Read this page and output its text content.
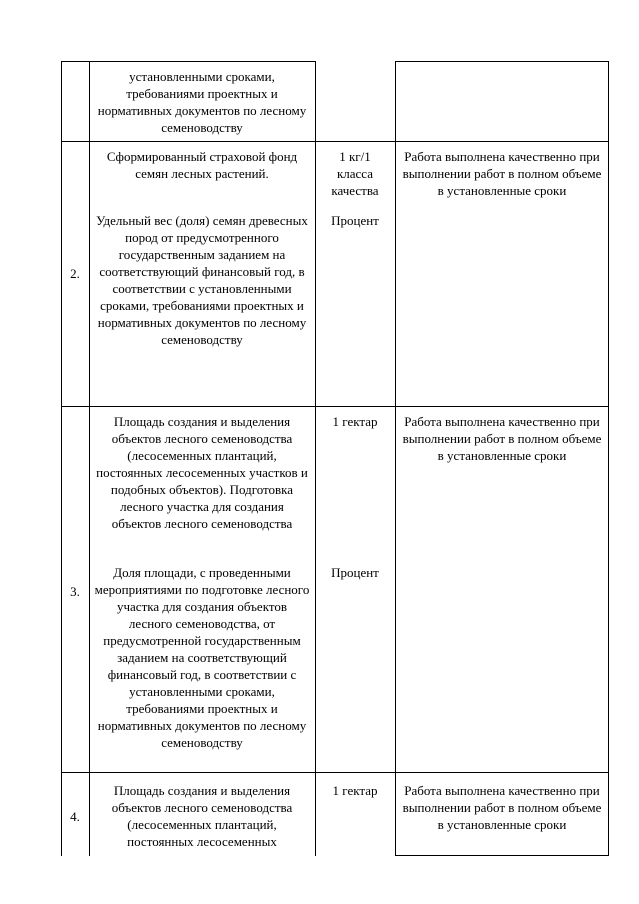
установленными сроками, требованиями проектных и нормативных документов по лесному семеноводству

2.

Сформированный страховой фонд семян лесных растений.

Удельный вес (доля) семян древесных пород от предусмотренного государственным заданием на соответствующий финансовый год, в соответствии с установленными сроками, требованиями проектных и нормативных документов по лесному семеноводству

1 кг/1 класса качества

Процент

Работа выполнена качественно при выполнении работ в полном объеме в установленные сроки

3.

Площадь создания и выделения объектов лесного семеноводства (лесосеменных плантаций, постоянных лесосеменных участков и подобных объектов). Подготовка лесного участка для создания объектов лесного семеноводства

Доля площади, с проведенными мероприятиями по подготовке лесного участка для создания объектов лесного семеноводства, от предусмотренной государственным заданием на соответствующий финансовый год, в соответствии с установленными сроками, требованиями проектных и нормативных документов по лесному семеноводству

1 гектар

Процент

Работа выполнена качественно при выполнении работ в полном объеме в установленные сроки

4.

Площадь создания и выделения объектов лесного семеноводства (лесосеменных плантаций, постоянных лесосеменных

1 гектар	Работа выполнена качественно при выполнении работ в полном объеме в установленные сроки
